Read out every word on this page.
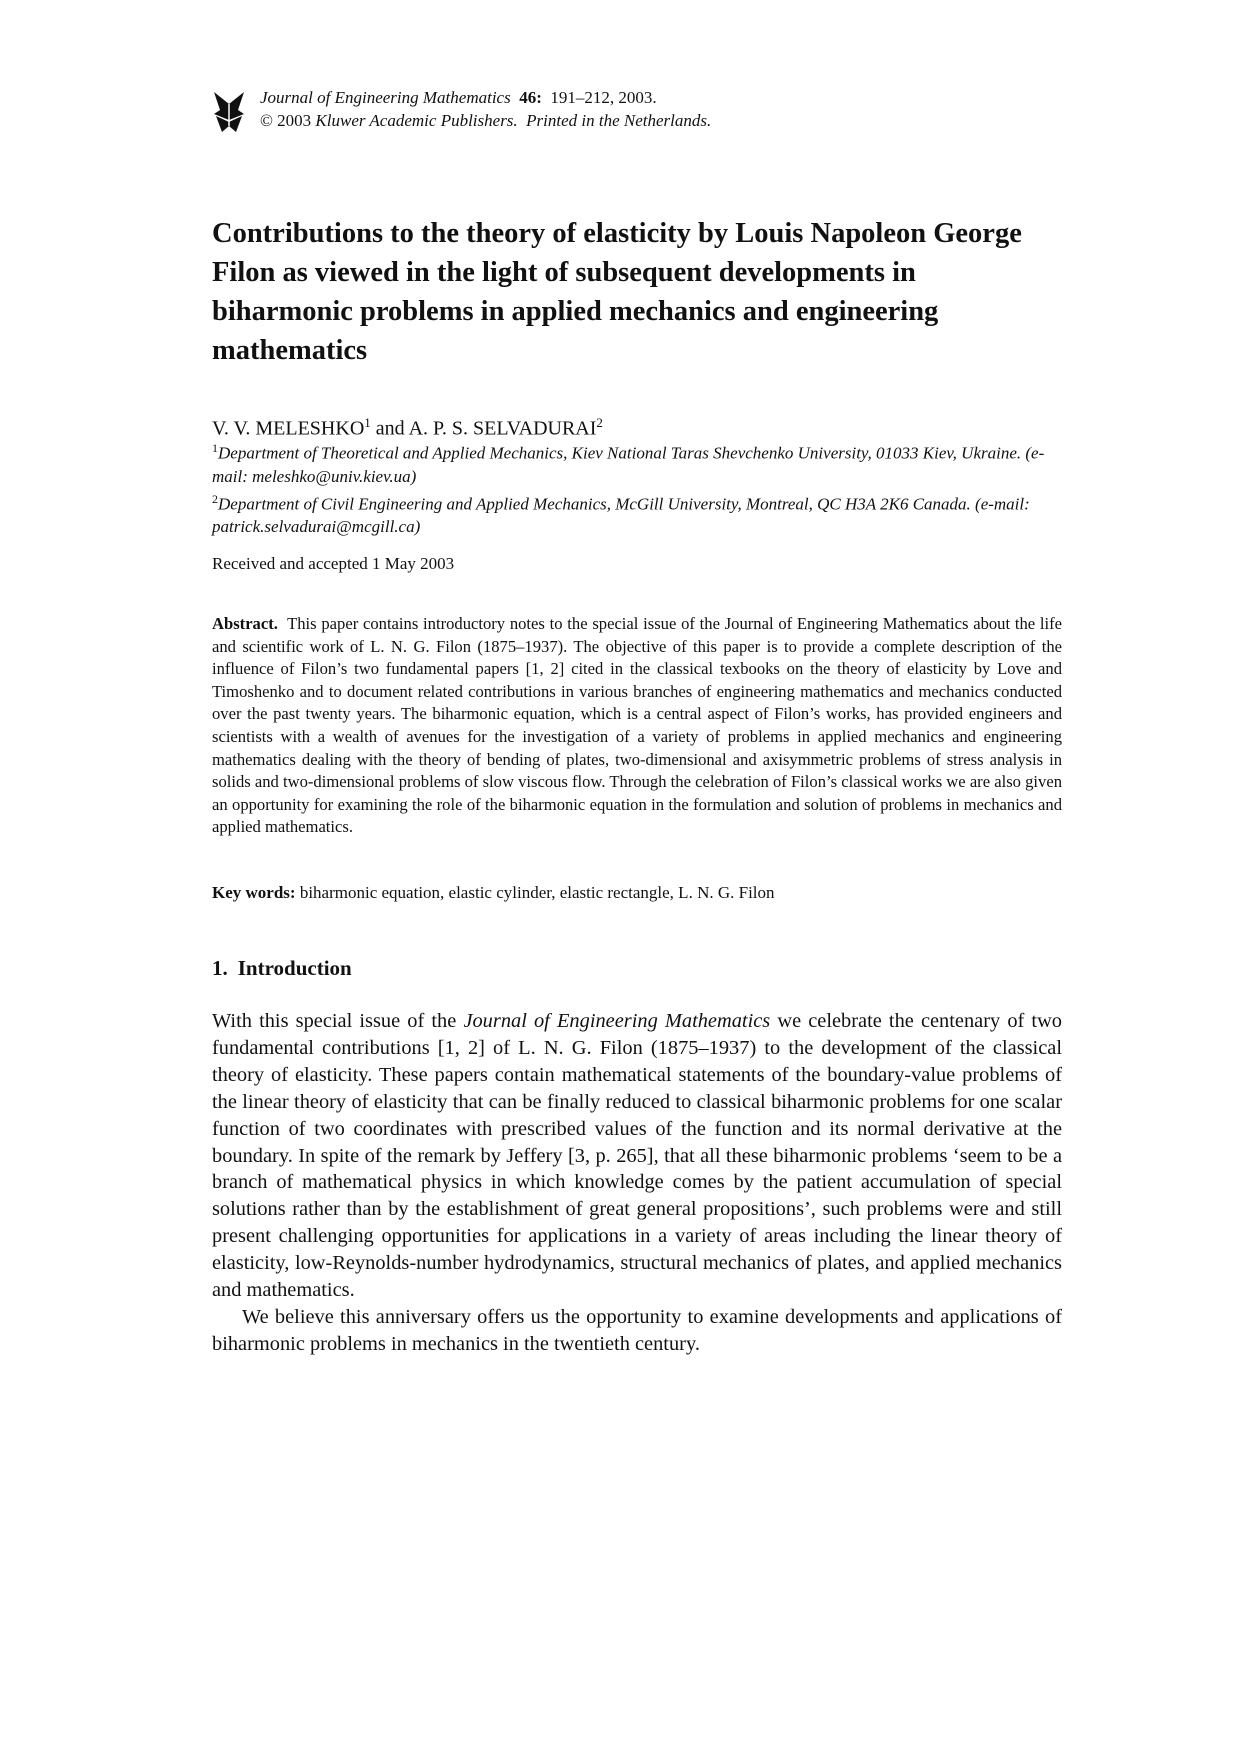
Journal of Engineering Mathematics 46: 191–212, 2003.
© 2003 Kluwer Academic Publishers. Printed in the Netherlands.
Contributions to the theory of elasticity by Louis Napoleon George Filon as viewed in the light of subsequent developments in biharmonic problems in applied mechanics and engineering mathematics
V. V. MELESHKO$^1$ and A. P. S. SELVADURAI$^2$
$^1$Department of Theoretical and Applied Mechanics, Kiev National Taras Shevchenko University, 01033 Kiev, Ukraine. (e-mail: meleshko@univ.kiev.ua)
$^2$Department of Civil Engineering and Applied Mechanics, McGill University, Montreal, QC H3A 2K6 Canada. (e-mail: patrick.selvadurai@mcgill.ca)
Received and accepted 1 May 2003

Abstract. This paper contains introductory notes to the special issue of the Journal of Engineering Mathematics about the life and scientific work of L. N. G. Filon (1875–1937). The objective of this paper is to provide a complete description of the influence of Filon’s two fundamental papers [1, 2] cited in the classical texbooks on the theory of elasticity by Love and Timoshenko and to document related contributions in various branches of engineering mathematics and mechanics conducted over the past twenty years. The biharmonic equation, which is a central aspect of Filon’s works, has provided engineers and scientists with a wealth of avenues for the investigation of a variety of problems in applied mechanics and engineering mathematics dealing with the theory of bending of plates, two-dimensional and axisymmetric problems of stress analysis in solids and two-dimensional problems of slow viscous flow. Through the celebration of Filon’s classical works we are also given an opportunity for examining the role of the biharmonic equation in the formulation and solution of problems in mechanics and applied mathematics.

Key words: biharmonic equation, elastic cylinder, elastic rectangle, L. N. G. Filon
1. Introduction

With this special issue of the Journal of Engineering Mathematics we celebrate the centenary of two fundamental contributions [1, 2] of L. N. G. Filon (1875–1937) to the development of the classical theory of elasticity. These papers contain mathematical statements of the boundary-value problems of the linear theory of elasticity that can be finally reduced to classical biharmonic problems for one scalar function of two coordinates with prescribed values of the function and its normal derivative at the boundary. In spite of the remark by Jeffery [3, p. 265], that all these biharmonic problems ‘seem to be a branch of mathematical physics in which knowledge comes by the patient accumulation of special solutions rather than by the establishment of great general propositions’, such problems were and still present challenging opportunities for applications in a variety of areas including the linear theory of elasticity, low-Reynolds-number hydrodynamics, structural mechanics of plates, and applied mechanics and mathematics.

We believe this anniversary offers us the opportunity to examine developments and applications of biharmonic problems in mechanics in the twentieth century.
